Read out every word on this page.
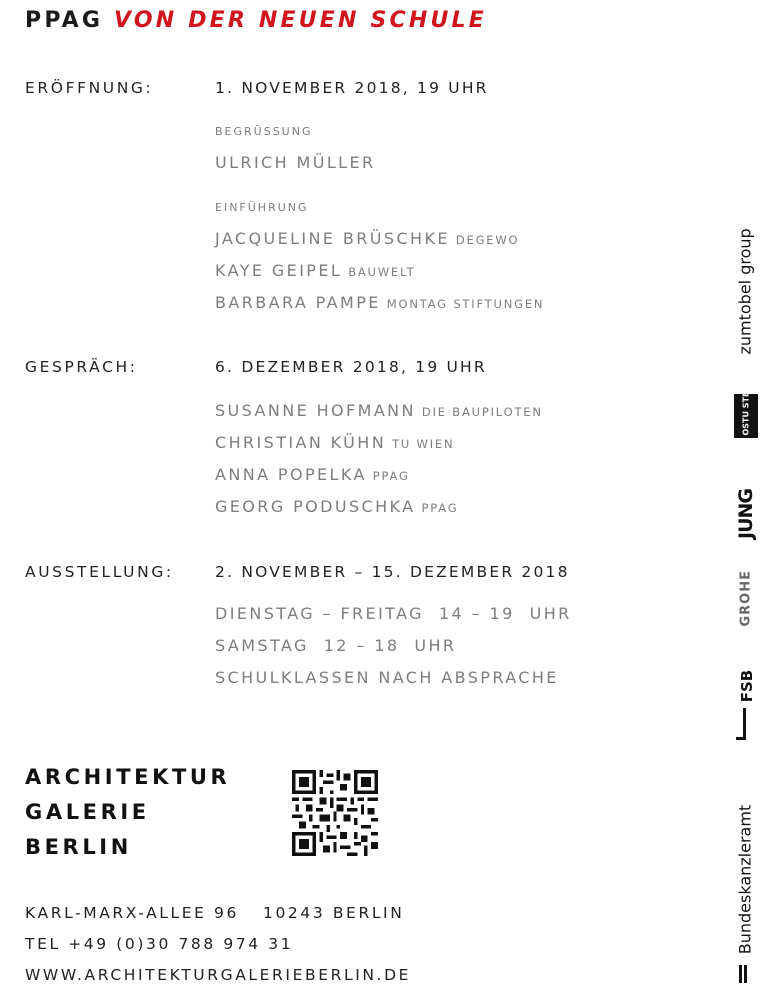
PPAG VON DER NEUEN SCHULE
ERÖFFNUNG:	1. NOVEMBER 2018, 19 UHR
BEGRÜSSUNG
ULRICH MÜLLER
EINFÜHRUNG
JACQUELINE BRÜSCHKE DEGEWO
KAYE GEIPEL BAUWELT
BARBARA PAMPE MONTAG STIFTUNGEN
GESPRÄCH:	6. DEZEMBER 2018, 19 UHR
SUSANNE HOFMANN DIE BAUPILOTEN
CHRISTIAN KÜHN TU WIEN
ANNA POPELKA PPAG
GEORG PODUSCHKA PPAG
AUSSTELLUNG:	2. NOVEMBER – 15. DEZEMBER 2018
DIENSTAG – FREITAG  14 – 19  UHR
SAMSTAG  12 – 18  UHR
SCHULKLASSEN NACH ABSPRACHE
ARCHITEKTUR
GALERIE
BERLIN
KARL-MARX-ALLEE 96 10243 BERLIN
TEL +49 (0)30 788 974 31
WWW.ARCHITEKTURGALERIEBERLIN.DE
zumtobel group
OSTU STETTIN
JUNG
GROHE
FSB
Bundeskanzleramt
